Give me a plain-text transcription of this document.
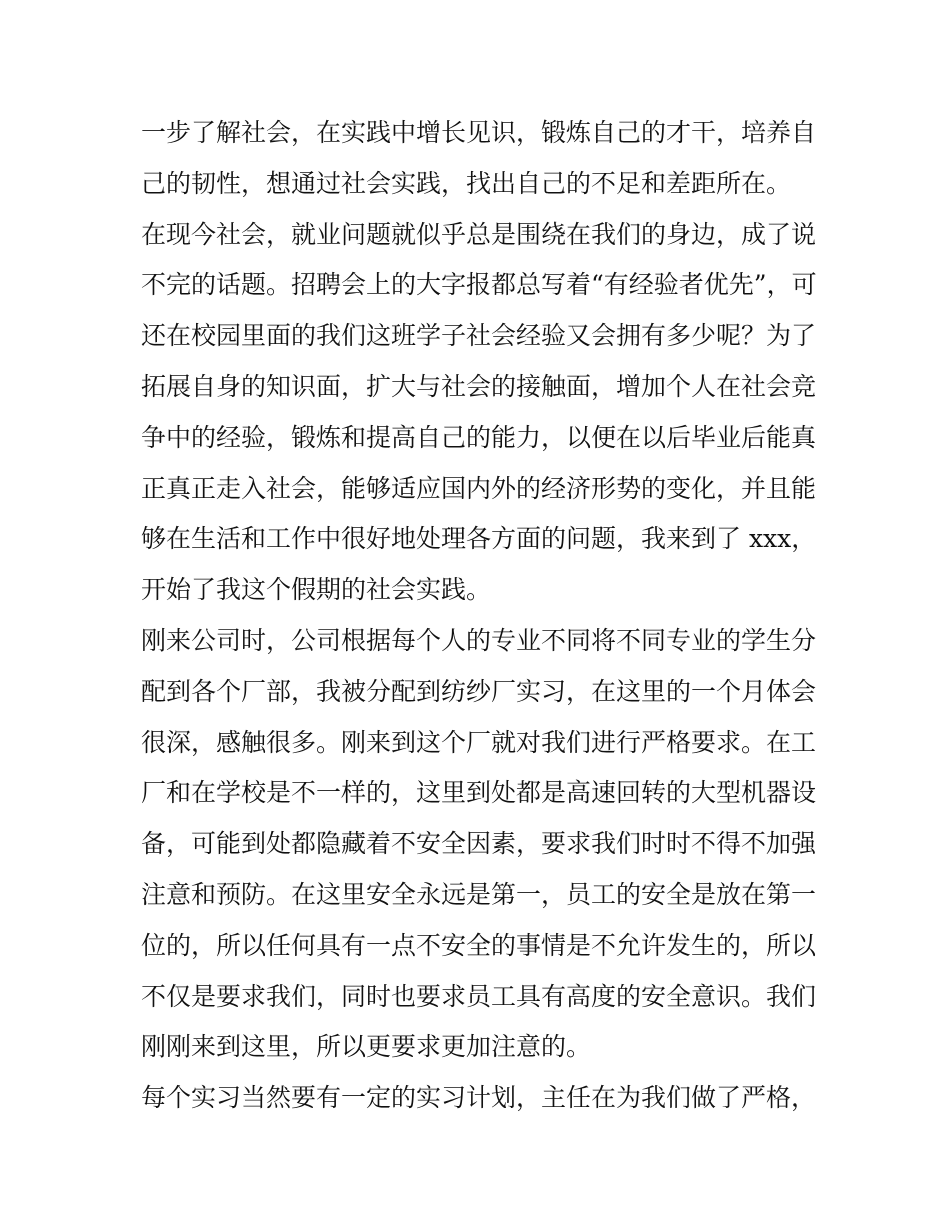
一步了解社会，在实践中增长见识，锻炼自己的才干，培养自
己的韧性，想通过社会实践，找出自己的不足和差距所在。
在现今社会，就业问题就似乎总是围绕在我们的身边，成了说
不完的话题。招聘会上的大字报都总写着“有经验者优先”，可
还在校园里面的我们这班学子社会经验又会拥有多少呢？为了
拓展自身的知识面，扩大与社会的接触面，增加个人在社会竞
争中的经验，锻炼和提高自己的能力，以便在以后毕业后能真
正真正走入社会，能够适应国内外的经济形势的变化，并且能
够在生活和工作中很好地处理各方面的问题，我来到了 xxx，
开始了我这个假期的社会实践。
刚来公司时，公司根据每个人的专业不同将不同专业的学生分
配到各个厂部，我被分配到纺纱厂实习，在这里的一个月体会
很深，感触很多。刚来到这个厂就对我们进行严格要求。在工
厂和在学校是不一样的，这里到处都是高速回转的大型机器设
备，可能到处都隐藏着不安全因素，要求我们时时不得不加强
注意和预防。在这里安全永远是第一，员工的安全是放在第一
位的，所以任何具有一点不安全的事情是不允许发生的，所以
不仅是要求我们，同时也要求员工具有高度的安全意识。我们
刚刚来到这里，所以更要求更加注意的。
每个实习当然要有一定的实习计划，主任在为我们做了严格，
